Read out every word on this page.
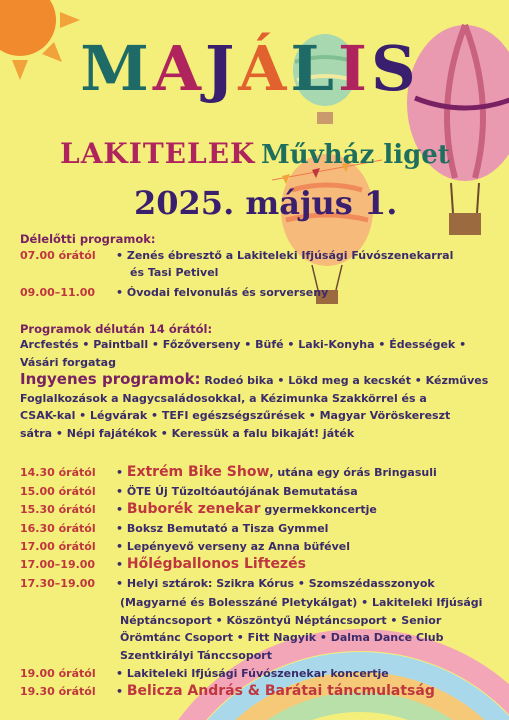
MAJÁLIS
LAKITELEK Művház liget
2025. május 1.
Délelőtti programok:
07.00 órától	• Zenés ébresztő a Lakiteleki Ifjúsági Fúvószenekarral
és Tasi Petivel
09.00–11.00	• Óvodai felvonulás és sorverseny
Programok délután 14 órától:
Arcfestés • Paintball • Főzőverseny • Büfé • Laki-Konyha • Édességek •
Vásári forgatag
Ingyenes programok: Rodeó bika • Lökd meg a kecskét • Kézműves
Foglalkozások a Nagycsaládosokkal, a Kézimunka Szakkörrel és a
CSAK-kal • Légvárak • TEFI egészségszűrések • Magyar Vöröskereszt
sátra • Népi fajátékok • Keressük a falu bikaját! játék
14.30 órától	• Extrém Bike Show, utána egy órás Bringasuli
15.00 órától	• ÖTE Új Tűzoltóautójának Bemutatása
15.30 órától	• Buborék zenekar gyermekkoncertje
16.30 órától	• Boksz Bemutató a Tisza Gymmel
17.00 órától	• Lepényevő verseny az Anna büfével
17.00–19.00	• Hőlégballonos Liftezés
17.30–19.00	• Helyi sztárok: Szikra Kórus • Szomszédasszonyok
(Magyarné és Bolesszáné Pletykálgat) • Lakiteleki Ifjúsági
Néptáncsoport • Köszöntyű Néptáncsoport • Senior
Örömtánc Csoport • Fitt Nagyik • Dalma Dance Club
Szentkirályi Tánccsoport
19.00 órától	• Lakiteleki Ifjúsági Fúvószenekar koncertje
19.30 órától	• Belicza András & Barátai táncmulatság
